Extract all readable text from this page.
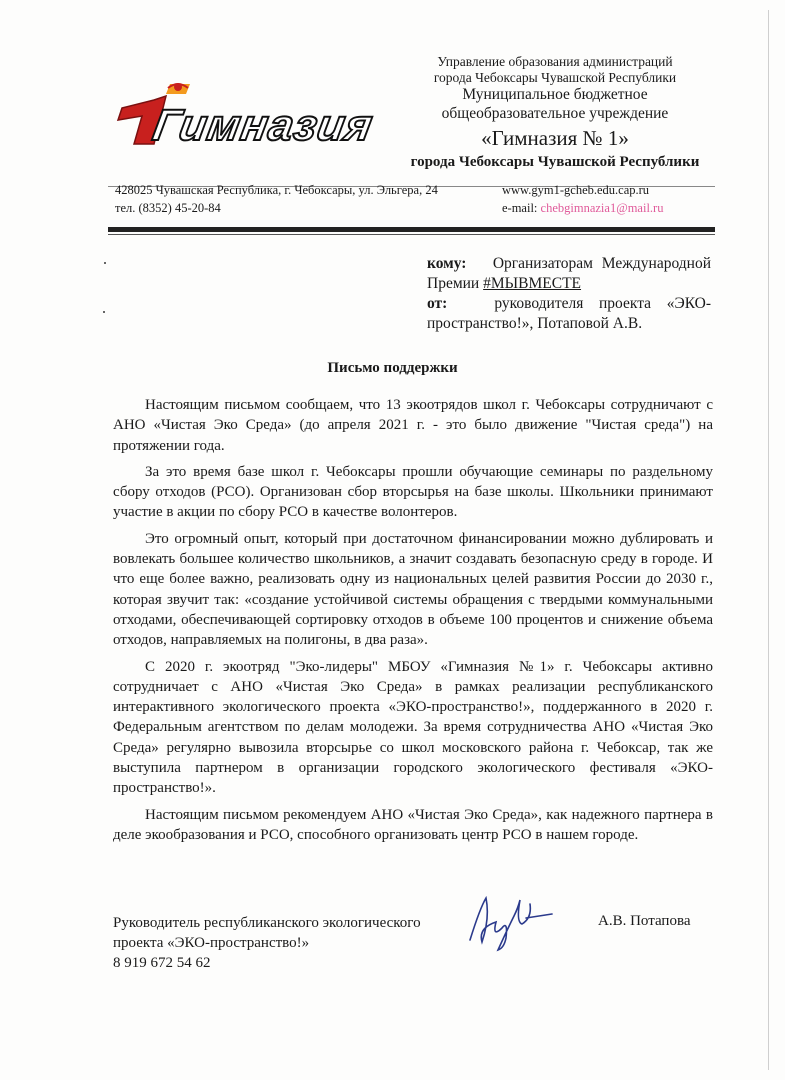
Гимназия
Управление образования администраций
города Чебоксары Чувашской Республики
Муниципальное бюджетное
общеобразовательное учреждение
«Гимназия № 1»
города Чебоксары Чувашской Республики
428025 Чувашская Республика, г. Чебоксары, ул. Эльгера, 24
тел. (8352) 45-20-84
www.gym1-gcheb.edu.cap.ru
e-mail: chebgimnazia1@mail.ru
кому: Организаторам Международной Премии #МЫВМЕСТЕ
от:	руководителя проекта «ЭКО-пространство!», Потаповой А.В.
Письмо поддержки

Настоящим письмом сообщаем, что 13 экоотрядов школ г. Чебоксары сотрудничают с АНО «Чистая Эко Среда» (до апреля 2021 г. - это было движение "Чистая среда") на протяжении года.

За это время базе школ г. Чебоксары прошли обучающие семинары по раздельному сбору отходов (РСО). Организован сбор вторсырья на базе школы. Школьники принимают участие в акции по сбору РСО в качестве волонтеров.

Это огромный опыт, который при достаточном финансировании можно дублировать и вовлекать большее количество школьников, а значит создавать безопасную среду в городе. И что еще более важно, реализовать одну из национальных целей развития России до 2030 г., которая звучит так: «создание устойчивой системы обращения с твердыми коммунальными отходами, обеспечивающей сортировку отходов в объеме 100 процентов и снижение объема отходов, направляемых на полигоны, в два раза».

С 2020 г. экоотряд "Эко-лидеры" МБОУ «Гимназия №1» г. Чебоксары активно сотрудничает с АНО «Чистая Эко Среда» в рамках реализации республиканского интерактивного экологического проекта «ЭКО-пространство!», поддержанного в 2020 г. Федеральным агентством по делам молодежи. За время сотрудничества АНО «Чистая Эко Среда» регулярно вывозила вторсырье со школ московского района г. Чебоксар, так же выступила партнером в организации городского экологического фестиваля «ЭКО-пространство!».

Настоящим письмом рекомендуем АНО «Чистая Эко Среда», как надежного партнера в деле экообразования и РСО, способного организовать центр РСО в нашем городе.

Руководитель республиканского экологического
проекта «ЭКО-пространство!»
8 919 672 54 62
А.В. Потапова
